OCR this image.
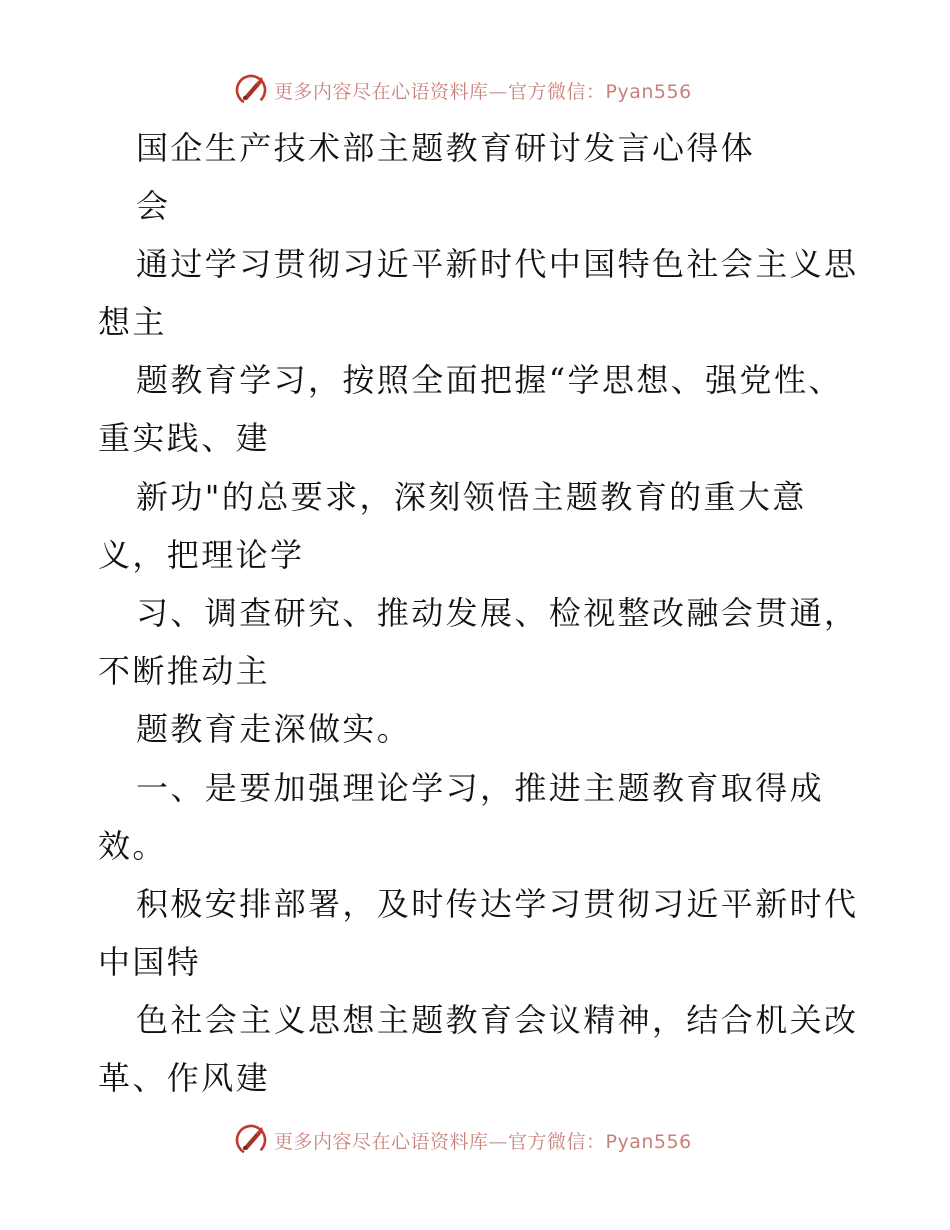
更多内容尽在心语资料库—官方微信：Pyan556
国企生产技术部主题教育研讨发言心得体
会
通过学习贯彻习近平新时代中国特色社会主义思
想主
题教育学习，按照全面把握“学思想、强党性、
重实践、建
新功"的总要求，深刻领悟主题教育的重大意
义，把理论学
习、调查研究、推动发展、检视整改融会贯通，
不断推动主
题教育走深做实。
一、是要加强理论学习，推进主题教育取得成
效。
积极安排部署，及时传达学习贯彻习近平新时代
中国特
色社会主义思想主题教育会议精神，结合机关改
革、作风建
更多内容尽在心语资料库—官方微信：Pyan556
